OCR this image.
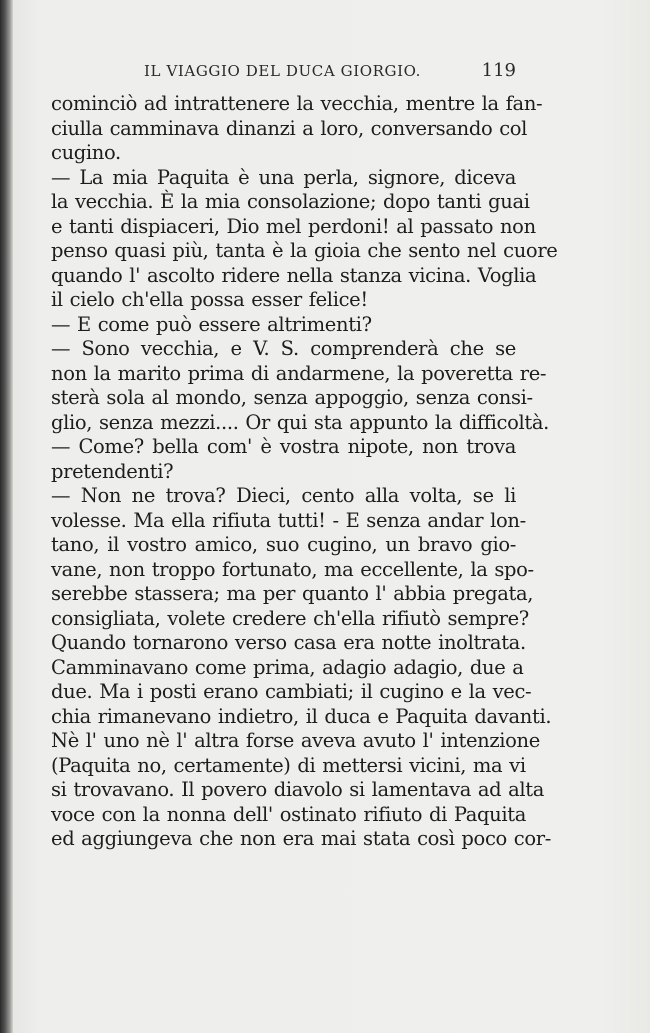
IL VIAGGIO DEL DUCA GIORGIO.	119
cominciò ad intrattenere la vecchia, mentre la fan-
ciulla camminava dinanzi a loro, conversando col
cugino.
— La mia Paquita è una perla, signore, diceva
la vecchia. È la mia consolazione; dopo tanti guai
e tanti dispiaceri, Dio mel perdoni! al passato non
penso quasi più, tanta è la gioia che sento nel cuore
quando l' ascolto ridere nella stanza vicina. Voglia
il cielo ch'ella possa esser felice!
— E come può essere altrimenti?
— Sono vecchia, e V. S. comprenderà che se
non la marito prima di andarmene, la poveretta re-
sterà sola al mondo, senza appoggio, senza consi-
glio, senza mezzi.... Or qui sta appunto la difficoltà.
— Come? bella com' è vostra nipote, non trova
pretendenti?
— Non ne trova? Dieci, cento alla volta, se li
volesse. Ma ella rifiuta tutti! - E senza andar lon-
tano, il vostro amico, suo cugino, un bravo gio-
vane, non troppo fortunato, ma eccellente, la spo-
serebbe stassera; ma per quanto l' abbia pregata,
consigliata, volete credere ch'ella rifiutò sempre?
Quando tornarono verso casa era notte inoltrata.
Camminavano come prima, adagio adagio, due a
due. Ma i posti erano cambiati; il cugino e la vec-
chia rimanevano indietro, il duca e Paquita davanti.
Nè l' uno nè l' altra forse aveva avuto l' intenzione
(Paquita no, certamente) di mettersi vicini, ma vi
si trovavano. Il povero diavolo si lamentava ad alta
voce con la nonna dell' ostinato rifiuto di Paquita
ed aggiungeva che non era mai stata così poco cor-
